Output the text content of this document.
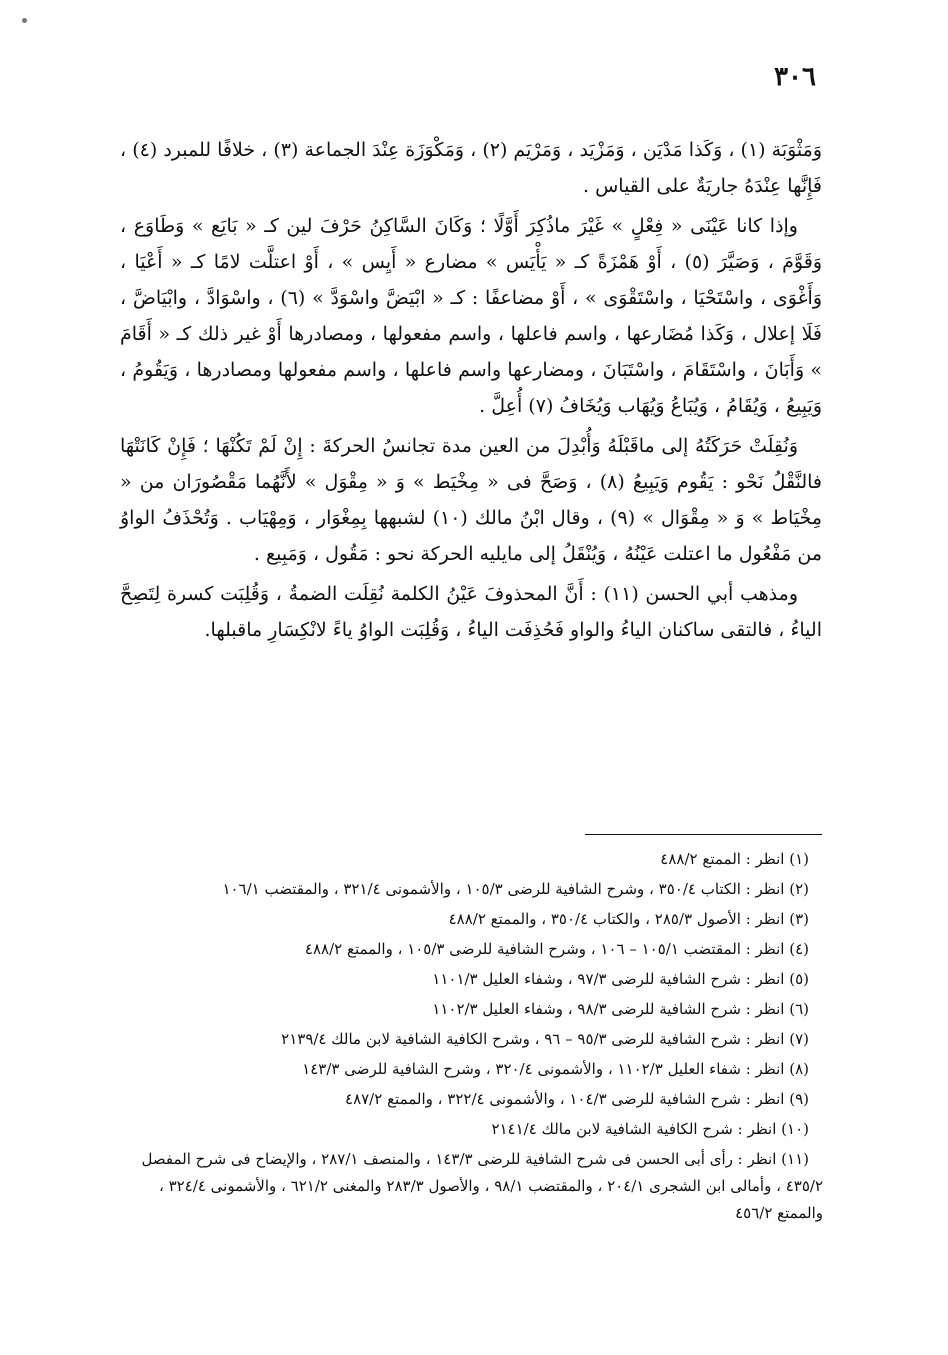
٣٠٦

وَمَثْوَبَة (١) ، وَكَذا مَدْيَن ، وَمَزْيَد ، وَمَرْيَم (٢) ، وَمَكْوَزَة عِنْدَ الجماعة (٣) ، خلافًا للمبرد (٤) ، فَإِنَّها عِنْدَهُ جاريَةٌ على القياس .

وإذا كانا عَيْنَى « فِعْلٍ » غَيْرَ ماذُكِرَ أَوَّلًا ؛ وَكَانَ السَّاكِنُ حَرْفَ لين كـ « بَايَع » وَطَاوَع ، وَقَوَّمَ ، وَصَيَّرَ (٥) ، أَوْ هَمْزَةً كـ « يَأْيَس » مضارع « أَيِس » ، أَوْ اعتلَّت لامًا كـ « أَعْيَا ، وَأَغْوَى ، واسْتَحْيَا ، واسْتَقْوَى » ، أَوْ مضاعفًا : كـ « ابْيَضَّ واسْوَدَّ » (٦) ، واسْوَادَّ ، وابْيَاضَّ ، فَلَا إعلال ، وَكَذا مُضَارعها ، واسم فاعلها ، واسم مفعولها ، ومصادرها أَوْ غير ذلك كـ « أَقَامَ » وَأَبَانَ ، واسْتَقَامَ ، واسْتَبَانَ ، ومضارعها واسم فاعلها ، واسم مفعولها ومصادرها ، وَيَقُومُ ، وَيَبِيعُ ، وَيُقَامُ ، وَيُبَاعُ وَيُهَاب وَيُخَافُ (٧) أُعِلَّ .

وَنُقِلَتْ حَرَكَتُهُ إلى ماقَبْلَهُ وَأُبْدِلَ من العين مدة تجانسُ الحركةَ : إِنْ لَمْ تَكُنْهَا ؛ فَإِنْ كَانَتْهَا فالنَّقْلُ نَحْو : يَقُوم وَيَبِيعُ (٨) ، وَصَحَّ فى « مِخْيَط » وَ « مِقْوَل » لأَنَّهُما مَقْصُورَان من « مِخْيَاط » وَ « مِقْوَال » (٩) ، وقال ابْنُ مالك (١٠) لشبهها بِمِغْوَار ، وَمِهْيَاب . وَتُحْذَفُ الواوُ من مَفْعُول ما اعتلت عَيْنُهُ ، وَيُنْقَلُ إلى مايليه الحركة نحو : مَقُول ، وَمَبِيع .

ومذهب أبي الحسن (١١) : أَنَّ المحذوفَ عَيْنُ الكلمة نُقِلَت الضمةُ ، وَقُلِبَت كسرة لِتَصِحَّ الياءُ ، فالتقى ساكنان الياءُ والواو فَحُذِفَت الياءُ ، وَقُلِبَت الواوُ ياءً لانْكِسَارِ ماقبلها.

(١) انظر : الممتع ٤٨٨/٢
(٢) انظر : الكتاب ٣٥٠/٤ ، وشرح الشافية للرضى ١٠٥/٣ ، والأشمونى ٣٢١/٤ ، والمقتضب ١٠٦/١
(٣) انظر : الأصول ٢٨٥/٣ ، والكتاب ٣٥٠/٤ ، والممتع ٤٨٨/٢
(٤) انظر : المقتضب ١٠٥/١ – ١٠٦ ، وشرح الشافية للرضى ١٠٥/٣ ، والممتع ٤٨٨/٢
(٥) انظر : شرح الشافية للرضى ٩٧/٣ ، وشفاء العليل ١١٠١/٣
(٦) انظر : شرح الشافية للرضى ٩٨/٣ ، وشفاء العليل ١١٠٢/٣
(٧) انظر : شرح الشافية للرضى ٩٥/٣ – ٩٦ ، وشرح الكافية الشافية لابن مالك ٢١٣٩/٤
(٨) انظر : شفاء العليل ١١٠٢/٣ ، والأشمونى ٣٢٠/٤ ، وشرح الشافية للرضى ١٤٣/٣
(٩) انظر : شرح الشافية للرضى ١٠٤/٣ ، والأشمونى ٣٢٢/٤ ، والممتع ٤٨٧/٢
(١٠) انظر : شرح الكافية الشافية لابن مالك ٢١٤١/٤
(١١) انظر : رأى أبى الحسن فى شرح الشافية للرضى ١٤٣/٣ ، والمنصف ٢٨٧/١ ، والإيضاح فى شرح المفصل ٤٣٥/٢ ، وأمالى ابن الشجرى ٢٠٤/١ ، والمقتضب ٩٨/١ ، والأصول ٢٨٣/٣ والمغنى ٦٢١/٢ ، والأشمونى ٣٢٤/٤ ، والممتع ٤٥٦/٢
